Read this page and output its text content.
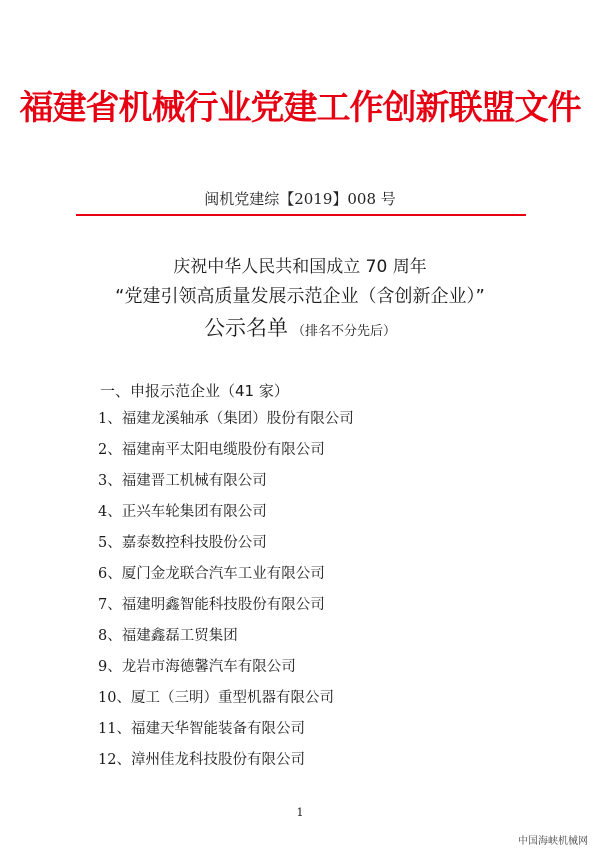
福建省机械行业党建工作创新联盟文件
闽机党建综【2019】008 号
庆祝中华人民共和国成立 70 周年
“党建引领高质量发展示范企业（含创新企业）”
公示名单 （排名不分先后）
一、申报示范企业（41 家）
1、福建龙溪轴承（集团）股份有限公司
2、福建南平太阳电缆股份有限公司
3、福建晋工机械有限公司
4、正兴车轮集团有限公司
5、嘉泰数控科技股份公司
6、厦门金龙联合汽车工业有限公司
7、福建明鑫智能科技股份有限公司
8、福建鑫磊工贸集团
9、龙岩市海德馨汽车有限公司
10、厦工（三明）重型机器有限公司
11、福建天华智能装备有限公司
12、漳州佳龙科技股份有限公司
1
中国海峡机械网
